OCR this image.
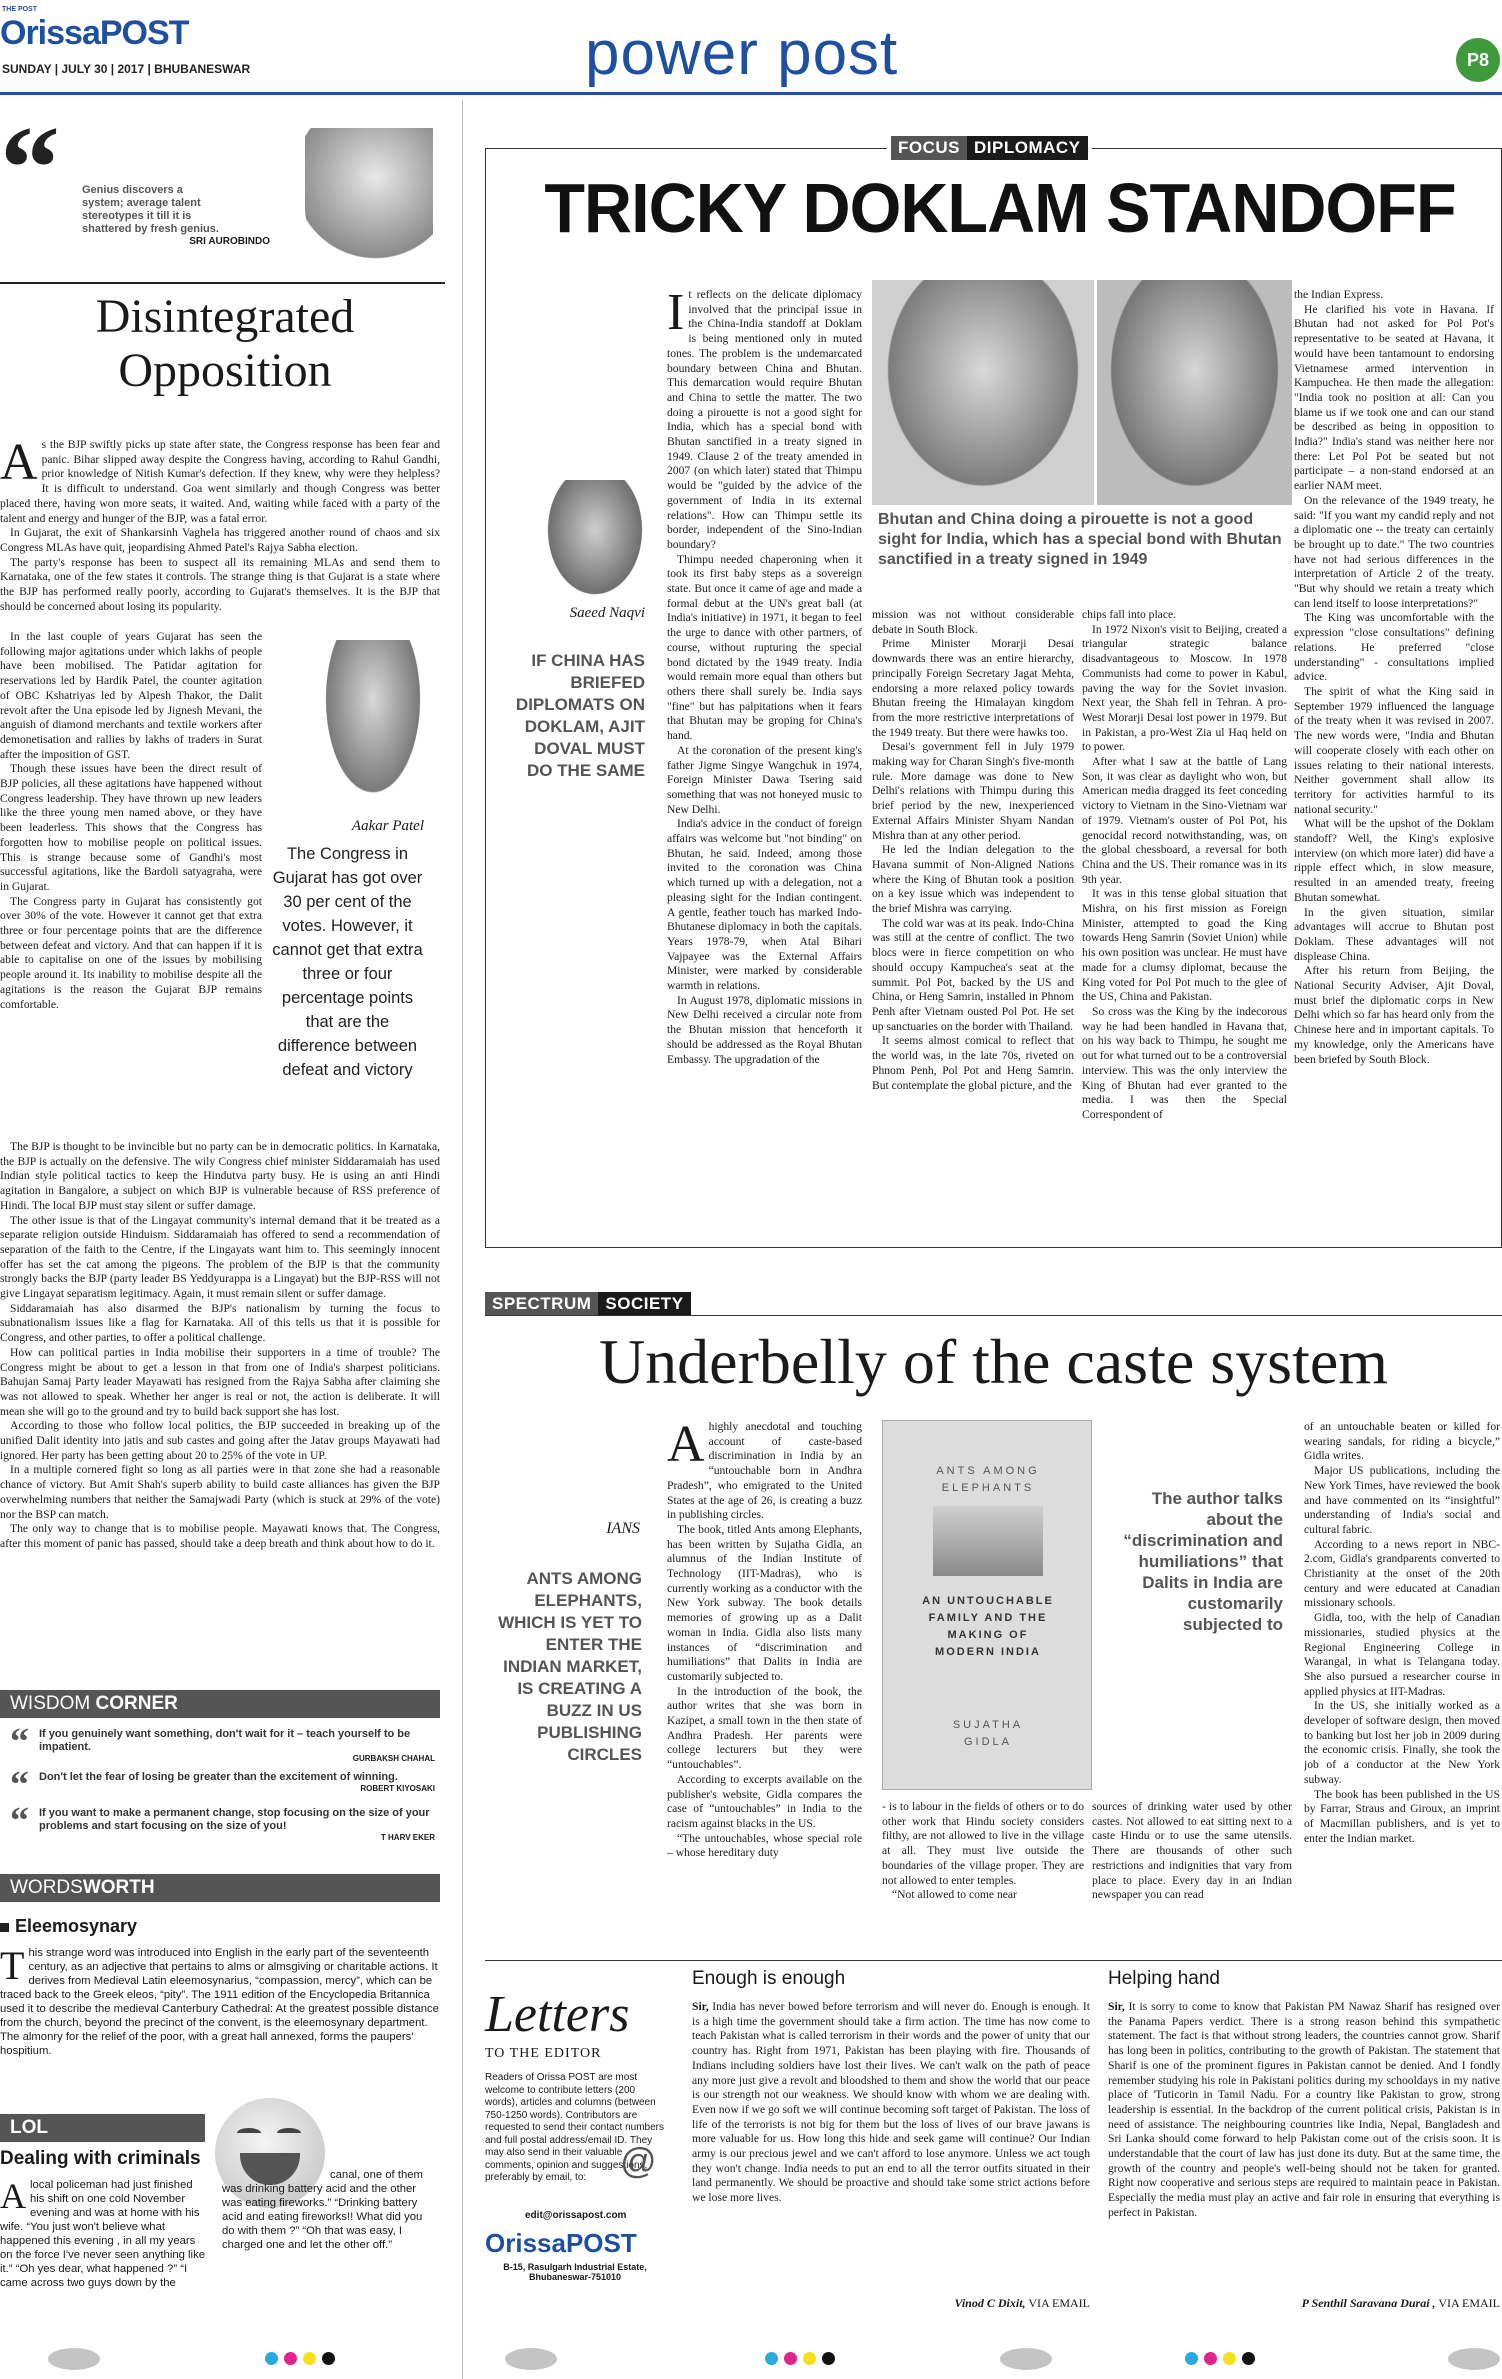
THE POST
OrissaPOST
SUNDAY | JULY 30 | 2017 | BHUBANESWAR	power post	P8
“ Genius discovers a system; average talent stereotypes it till it is shattered by fresh genius.
SRI AUROBINDO
Disintegrated Opposition
A s the BJP swiftly picks up state after state, the Congress response has been fear and panic. Bihar slipped away despite the Congress having, according to Rahul Gandhi, prior knowledge of Nitish Kumar's defection. If they knew, why were they helpless? It is difficult to understand. Goa went similarly and though Congress was better placed there, having won more seats, it waited. And, waiting while faced with a party of the talent and energy and hunger of the BJP, was a fatal error.

In Gujarat, the exit of Shankarsinh Vaghela has triggered another round of chaos and six Congress MLAs have quit, jeopardising Ahmed Patel's Rajya Sabha election.

The party's response has been to suspect all its remaining MLAs and send them to Karnataka, one of the few states it controls. The strange thing is that Gujarat is a state where the BJP has performed really poorly, according to Gujarat's themselves. It is the BJP that should be concerned about losing its popularity.

In the last couple of years Gujarat has seen the following major agitations under which lakhs of people have been mobilised. The Patidar agitation for reservations led by Hardik Patel, the counter agitation of OBC Kshatriyas led by Alpesh Thakor, the Dalit revolt after the Una episode led by Jignesh Mevani, the anguish of diamond merchants and textile workers after demonetisation and rallies by lakhs of traders in Surat after the imposition of GST.

Though these issues have been the direct result of BJP policies, all these agitations have happened without Congress leadership. They have thrown up new leaders like the three young men named above, or they have been leaderless. This shows that the Congress has forgotten how to mobilise people on political issues. This is strange because some of Gandhi's most successful agitations, like the Bardoli satyagraha, were in Gujarat.

The Congress party in Gujarat has consistently got over 30% of the vote. However it cannot get that extra three or four percentage points that are the difference between defeat and victory. And that can happen if it is able to capitalise on one of the issues by mobilising people around it. Its inability to mobilise despite all the agitations is the reason the Gujarat BJP remains comfortable.

Aakar Patel
The Congress in Gujarat has got over 30 per cent of the votes. However, it cannot get that extra three or four percentage points that are the difference between defeat and victory

The BJP is thought to be invincible but no party can be in democratic politics. In Karnataka, the BJP is actually on the defensive. The wily Congress chief minister Siddaramaiah has used Indian style political tactics to keep the Hindutva party busy. He is using an anti Hindi agitation in Bangalore, a subject on which BJP is vulnerable because of RSS preference of Hindi. The local BJP must stay silent or suffer damage.

The other issue is that of the Lingayat community's internal demand that it be treated as a separate religion outside Hinduism. Siddaramaiah has offered to send a recommendation of separation of the faith to the Centre, if the Lingayats want him to. This seemingly innocent offer has set the cat among the pigeons. The problem of the BJP is that the community strongly backs the BJP (party leader BS Yeddyurappa is a Lingayat) but the BJP-RSS will not give Lingayat separatism legitimacy. Again, it must remain silent or suffer damage.

Siddaramaiah has also disarmed the BJP's nationalism by turning the focus to subnationalism issues like a flag for Karnataka. All of this tells us that it is possible for Congress, and other parties, to offer a political challenge.

How can political parties in India mobilise their supporters in a time of trouble? The Congress might be about to get a lesson in that from one of India's sharpest politicians. Bahujan Samaj Party leader Mayawati has resigned from the Rajya Sabha after claiming she was not allowed to speak. Whether her anger is real or not, the action is deliberate. It will mean she will go to the ground and try to build back support she has lost.

According to those who follow local politics, the BJP succeeded in breaking up of the unified Dalit identity into jatis and sub castes and going after the Jatav groups Mayawati had ignored. Her party has been getting about 20 to 25% of the vote in UP.

In a multiple cornered fight so long as all parties were in that zone she had a reasonable chance of victory. But Amit Shah's superb ability to build caste alliances has given the BJP overwhelming numbers that neither the Samajwadi Party (which is stuck at 29% of the vote) nor the BSP can match.

The only way to change that is to mobilise people. Mayawati knows that. The Congress, after this moment of panic has passed, should take a deep breath and think about how to do it.

WISDOM CORNER
“ If you genuinely want something, don't wait for it – teach yourself to be impatient.
GURBAKSH CHAHAL
“ Don't let the fear of losing be greater than the excitement of winning.
ROBERT KIYOSAKI
“ If you want to make a permanent change, stop focusing on the size of your problems and start focusing on the size of you!
T HARV EKER
WORDSWORTH
Eleemosynary
This strange word was introduced into English in the early part of the seventeenth century, as an adjective that pertains to alms or almsgiving or charitable actions. It derives from Medieval Latin eleemosynarius, “compassion, mercy”, which can be traced back to the Greek eleos, “pity”. The 1911 edition of the Encyclopedia Britannica used it to describe the medieval Canterbury Cathedral: At the greatest possible distance from the church, beyond the precinct of the convent, is the eleemosynary department. The almonry for the relief of the poor, with a great hall annexed, forms the paupers' hospitium.
LOL
Dealing with criminals
A local policeman had just finished his shift on one cold November evening and was at home with his wife. “You just won't believe what happened this evening , in all my years on the force I've never seen anything like it.” “Oh yes dear, what happened ?” “I came across two guys down by the
canal, one of them was drinking battery acid and the other was eating fireworks.” “Drinking battery acid and eating fireworks!! What did you do with them ?” “Oh that was easy, I charged one and let the other off.”
FOCUS DIPLOMACY
TRICKY DOKLAM STANDOFF
Saeed Naqvi
IF CHINA HAS BRIEFED DIPLOMATS ON DOKLAM, AJIT DOVAL MUST DO THE SAME
I t reflects on the delicate diplomacy involved that the principal issue in the China-India standoff at Doklam is being mentioned only in muted tones. The problem is the undemarcated boundary between China and Bhutan. This demarcation would require Bhutan and China to settle the matter. The two doing a pirouette is not a good sight for India, which has a special bond with Bhutan sanctified in a treaty signed in 1949. Clause 2 of the treaty amended in 2007 (on which later) stated that Thimpu would be "guided by the advice of the government of India in its external relations". How can Thimpu settle its border, independent of the Sino-Indian boundary?

Thimpu needed chaperoning when it took its first baby steps as a sovereign state. But once it came of age and made a formal debut at the UN's great ball (at India's initiative) in 1971, it began to feel the urge to dance with other partners, of course, without rupturing the special bond dictated by the 1949 treaty. India would remain more equal than others but others there shall surely be. India says "fine" but has palpitations when it fears that Bhutan may be groping for China's hand.

At the coronation of the present king's father Jigme Singye Wangchuk in 1974, Foreign Minister Dawa Tsering said something that was not honeyed music to New Delhi.

India's advice in the conduct of foreign affairs was welcome but "not binding" on Bhutan, he said. Indeed, among those invited to the coronation was China which turned up with a delegation, not a pleasing sight for the Indian contingent. A gentle, feather touch has marked Indo-Bhutanese diplomacy in both the capitals. Years 1978-79, when Atal Bihari Vajpayee was the External Affairs Minister, were marked by considerable warmth in relations.

In August 1978, diplomatic missions in New Delhi received a circular note from the Bhutan mission that henceforth it should be addressed as the Royal Bhutan Embassy. The upgradation of the

Bhutan and China doing a pirouette is not a good sight for India, which has a special bond with Bhutan sanctified in a treaty signed in 1949

mission was not without considerable debate in South Block.

Prime Minister Morarji Desai downwards there was an entire hierarchy, principally Foreign Secretary Jagat Mehta, endorsing a more relaxed policy towards Bhutan freeing the Himalayan kingdom from the more restrictive interpretations of the 1949 treaty. But there were hawks too.

Desai's government fell in July 1979 making way for Charan Singh's five-month rule. More damage was done to New Delhi's relations with Thimpu during this brief period by the new, inexperienced External Affairs Minister Shyam Nandan Mishra than at any other period.

He led the Indian delegation to the Havana summit of Non-Aligned Nations where the King of Bhutan took a position on a key issue which was independent to the brief Mishra was carrying.

The cold war was at its peak. Indo-China was still at the centre of conflict. The two blocs were in fierce competition on who should occupy Kampuchea's seat at the summit. Pol Pot, backed by the US and China, or Heng Samrin, installed in Phnom Penh after Vietnam ousted Pol Pot. He set up sanctuaries on the border with Thailand.

It seems almost comical to reflect that the world was, in the late 70s, riveted on Phnom Penh, Pol Pot and Heng Samrin. But contemplate the global picture, and the

chips fall into place.

In 1972 Nixon's visit to Beijing, created a triangular strategic balance disadvantageous to Moscow. In 1978 Communists had come to power in Kabul, paving the way for the Soviet invasion. Next year, the Shah fell in Tehran. A pro-West Morarji Desai lost power in 1979. But in Pakistan, a pro-West Zia ul Haq held on to power.

After what I saw at the battle of Lang Son, it was clear as daylight who won, but American media dragged its feet conceding victory to Vietnam in the Sino-Vietnam war of 1979. Vietnam's ouster of Pol Pot, his genocidal record notwithstanding, was, on the global chessboard, a reversal for both China and the US. Their romance was in its 9th year.

It was in this tense global situation that Mishra, on his first mission as Foreign Minister, attempted to goad the King towards Heng Samrin (Soviet Union) while his own position was unclear. He must have made for a clumsy diplomat, because the King voted for Pol Pot much to the glee of the US, China and Pakistan.

So cross was the King by the indecorous way he had been handled in Havana that, on his way back to Thimpu, he sought me out for what turned out to be a controversial interview. This was the only interview the King of Bhutan had ever granted to the media. I was then the Special Correspondent of

the Indian Express.

He clarified his vote in Havana. If Bhutan had not asked for Pol Pot's representative to be seated at Havana, it would have been tantamount to endorsing Vietnamese armed intervention in Kampuchea. He then made the allegation: "India took no position at all: Can you blame us if we took one and can our stand be described as being in opposition to India?" India's stand was neither here nor there: Let Pol Pot be seated but not participate – a non-stand endorsed at an earlier NAM meet.

On the relevance of the 1949 treaty, he said: "If you want my candid reply and not a diplomatic one -- the treaty can certainly be brought up to date." The two countries have not had serious differences in the interpretation of Article 2 of the treaty. "But why should we retain a treaty which can lend itself to loose interpretations?"

The King was uncomfortable with the expression "close consultations" defining relations. He preferred "close understanding" - consultations implied advice.

The spirit of what the King said in September 1979 influenced the language of the treaty when it was revised in 2007. The new words were, "India and Bhutan will cooperate closely with each other on issues relating to their national interests. Neither government shall allow its territory for activities harmful to its national security."

What will be the upshot of the Doklam standoff? Well, the King's explosive interview (on which more later) did have a ripple effect which, in slow measure, resulted in an amended treaty, freeing Bhutan somewhat.

In the given situation, similar advantages will accrue to Bhutan post Doklam. These advantages will not displease China.

After his return from Beijing, the National Security Adviser, Ajit Doval, must brief the diplomatic corps in New Delhi which so far has heard only from the Chinese here and in important capitals. To my knowledge, only the Americans have been briefed by South Block.

SPECTRUM SOCIETY
Underbelly of the caste system
IANS
ANTS AMONG ELEPHANTS, WHICH IS YET TO ENTER THE INDIAN MARKET, IS CREATING A BUZZ IN US PUBLISHING CIRCLES
A highly anecdotal and touching account of caste-based discrimination in India by an “untouchable born in Andhra Pradesh”, who emigrated to the United States at the age of 26, is creating a buzz in publishing circles.

The book, titled Ants among Elephants, has been written by Sujatha Gidla, an alumnus of the Indian Institute of Technology (IIT-Madras), who is currently working as a conductor with the New York subway. The book details memories of growing up as a Dalit woman in India. Gidla also lists many instances of “discrimination and humiliations” that Dalits in India are customarily subjected to.

In the introduction of the book, the author writes that she was born in Kazipet, a small town in the then state of Andhra Pradesh. Her parents were college lecturers but they were “untouchables”.

According to excerpts available on the publisher's website, Gidla compares the case of “untouchables” in India to the racism against blacks in the US.

“The untouchables, whose special role – whose hereditary duty

ANTS AMONG ELEPHANTS
AN UNTOUCHABLE FAMILY AND THE MAKING OF MODERN INDIA
SUJATHA GIDLA
The author talks about the “discrimination and humiliations” that Dalits in India are customarily subjected to

- is to labour in the fields of others or to do other work that Hindu society considers filthy, are not allowed to live in the village at all. They must live outside the boundaries of the village proper. They are not allowed to enter temples.

“Not allowed to come near

sources of drinking water used by other castes. Not allowed to eat sitting next to a caste Hindu or to use the same utensils. There are thousands of other such restrictions and indignities that vary from place to place. Every day in an Indian newspaper you can read

of an untouchable beaten or killed for wearing sandals, for riding a bicycle,” Gidla writes.

Major US publications, including the New York Times, have reviewed the book and have commented on its “insightful” understanding of India's social and cultural fabric.

According to a news report in NBC-2.com, Gidla's grandparents converted to Christianity at the onset of the 20th century and were educated at Canadian missionary schools.

Gidla, too, with the help of Canadian missionaries, studied physics at the Regional Engineering College in Warangal, in what is Telangana today. She also pursued a researcher course in applied physics at IIT-Madras.

In the US, she initially worked as a developer of software design, then moved to banking but lost her job in 2009 during the economic crisis. Finally, she took the job of a conductor at the New York subway.

The book has been published in the US by Farrar, Straus and Giroux, an imprint of Macmillan publishers, and is yet to enter the Indian market.

Letters
TO THE EDITOR
Readers of Orissa POST are most welcome to contribute letters (200 words), articles and columns (between 750-1250 words). Contributors are requested to send their contact numbers and full postal address/email ID. They may also send in their valuable comments, opinion and suggestions, preferably by email, to:
edit@orissapost.com
@
OrissaPOST
B-15, Rasulgarh Industrial Estate, Bhubaneswar-751010
Enough is enough
Sir, India has never bowed before terrorism and will never do. Enough is enough. It is a high time the government should take a firm action. The time has now come to teach Pakistan what is called terrorism in their words and the power of unity that our country has. Right from 1971, Pakistan has been playing with fire. Thousands of Indians including soldiers have lost their lives. We can't walk on the path of peace any more just give a revolt and bloodshed to them and show the world that our peace is our strength not our weakness. We should know with whom we are dealing with. Even now if we go soft we will continue becoming soft target of Pakistan. The loss of life of the terrorists is not big for them but the loss of lives of our brave jawans is more valuable for us. How long this hide and seek game will continue? Our Indian army is our precious jewel and we can't afford to lose anymore. Unless we act tough they won't change. India needs to put an end to all the terror outfits situated in their land permanently. We should be proactive and should take some strict actions before we lose more lives.
Vinod C Dixit, VIA EMAIL
Helping hand
Sir, It is sorry to come to know that Pakistan PM Nawaz Sharif has resigned over the Panama Papers verdict. There is a strong reason behind this sympathetic statement. The fact is that without strong leaders, the countries cannot grow. Sharif has long been in politics, contributing to the growth of Pakistan. The statement that Sharif is one of the prominent figures in Pakistan cannot be denied. And I fondly remember studying his role in Pakistani politics during my schooldays in my native place of 'Tuticorin in Tamil Nadu. For a country like Pakistan to grow, strong leadership is essential. In the backdrop of the current political crisis, Pakistan is in need of assistance. The neighbouring countries like India, Nepal, Bangladesh and Sri Lanka should come forward to help Pakistan come out of the crisis soon. It is understandable that the court of law has just done its duty. But at the same time, the growth of the country and people's well-being should not be taken for granted. Right now cooperative and serious steps are required to maintain peace in Pakistan. Especially the media must play an active and fair role in ensuring that everything is perfect in Pakistan.
P Senthil Saravana Durai , VIA EMAIL
